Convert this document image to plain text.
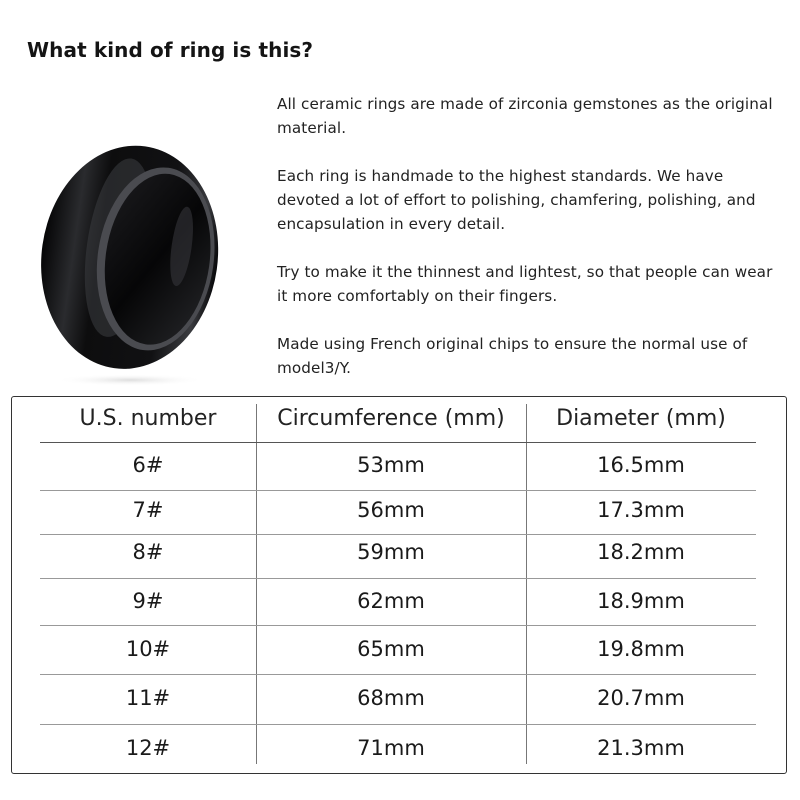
What kind of ring is this?

All ceramic rings are made of zirconia gemstones as the original material.

Each ring is handmade to the highest standards. We have devoted a lot of effort to polishing, chamfering, polishing, and encapsulation in every detail.

Try to make it the thinnest and lightest, so that people can wear it more comfortably on their fingers.

Made using French original chips to ensure the normal use of model3/Y.

U.S. number	Circumference (mm)	Diameter (mm)
6#	53mm	16.5mm
7#	56mm	17.3mm
8#	59mm	18.2mm
9#	62mm	18.9mm
10#	65mm	19.8mm
11#	68mm	20.7mm
12#	71mm	21.3mm
